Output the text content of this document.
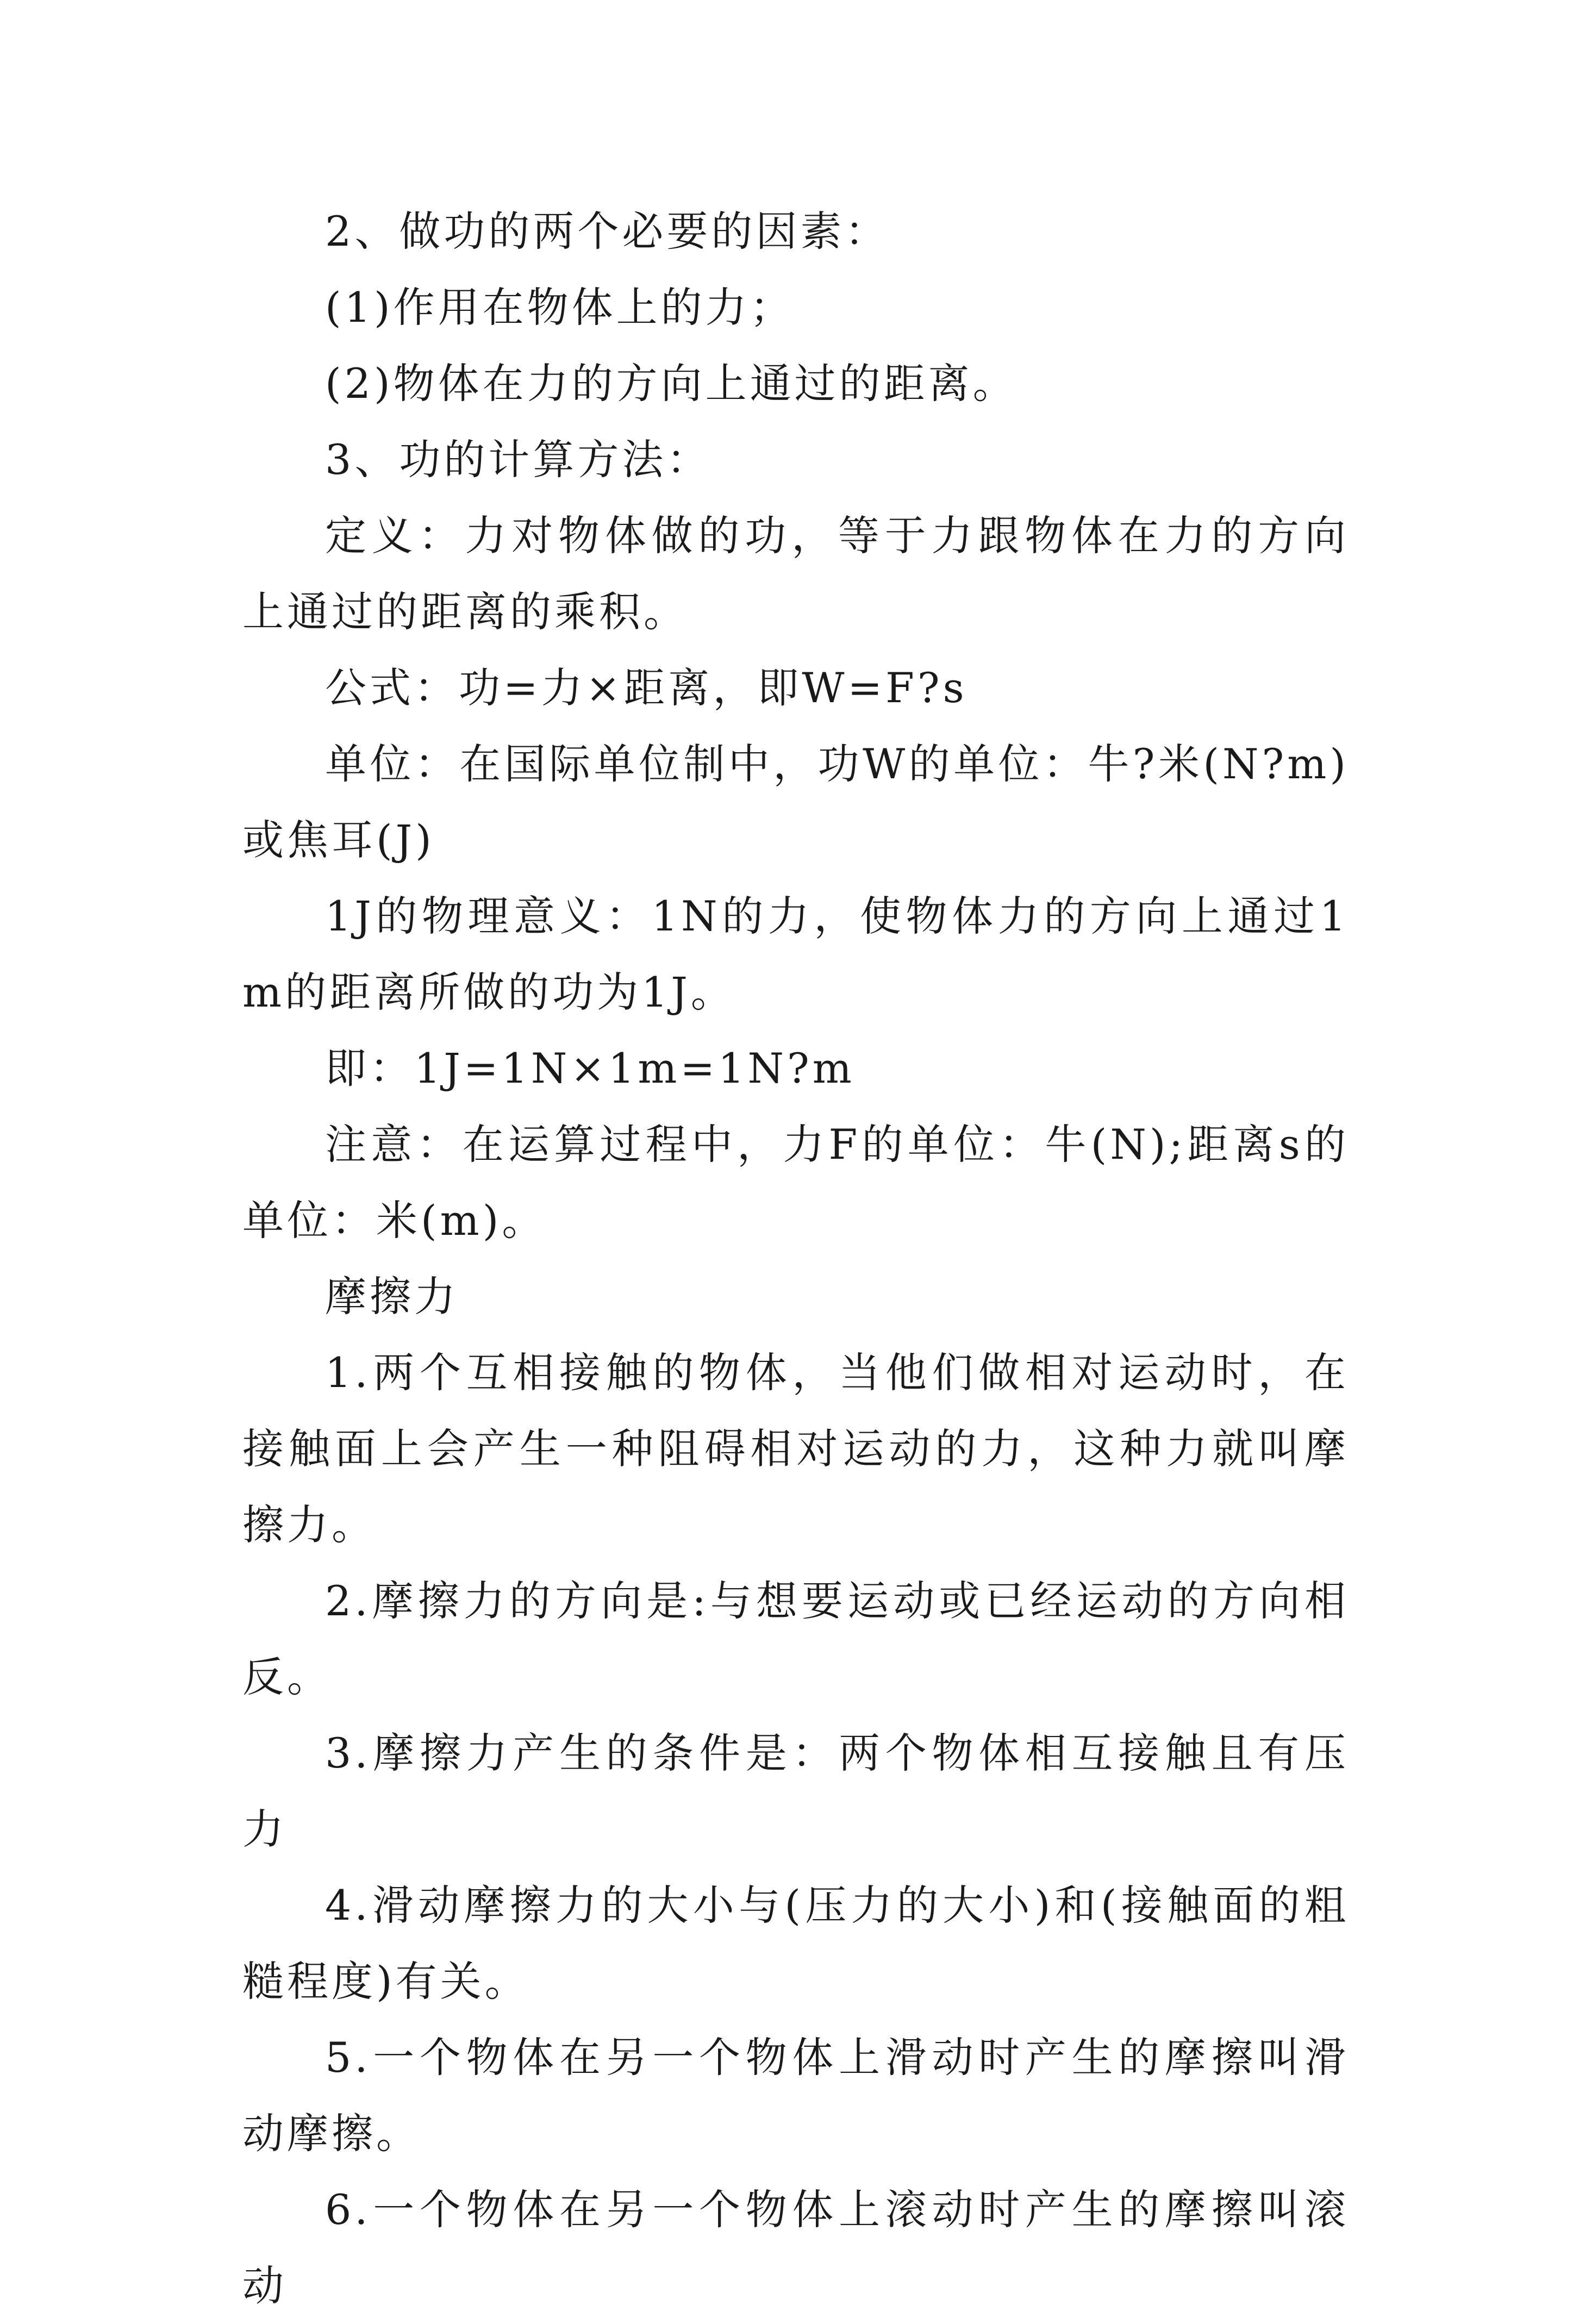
2、做功的两个必要的因素：

(1)作用在物体上的力；

(2)物体在力的方向上通过的距离。

3、功的计算方法：

定义：力对物体做的功，等于力跟物体在力的方向上通过的距离的乘积。

公式：功=力×距离，即W=F?s

单位：在国际单位制中，功W的单位：牛?米(N?m)或焦耳(J)

1J的物理意义：1N的力，使物体力的方向上通过1m的距离所做的功为1J。

即：1J=1N×1m=1N?m

注意：在运算过程中，力F的单位：牛(N);距离s的单位：米(m)。

摩擦力

1.两个互相接触的物体，当他们做相对运动时，在接触面上会产生一种阻碍相对运动的力，这种力就叫摩擦力。

2.摩擦力的方向是:与想要运动或已经运动的方向相反。

3.摩擦力产生的条件是：两个物体相互接触且有压力

4.滑动摩擦力的大小与(压力的大小)和(接触面的粗糙程度)有关。

5.一个物体在另一个物体上滑动时产生的摩擦叫滑动摩擦。

6.一个物体在另一个物体上滚动时产生的摩擦叫滚动
